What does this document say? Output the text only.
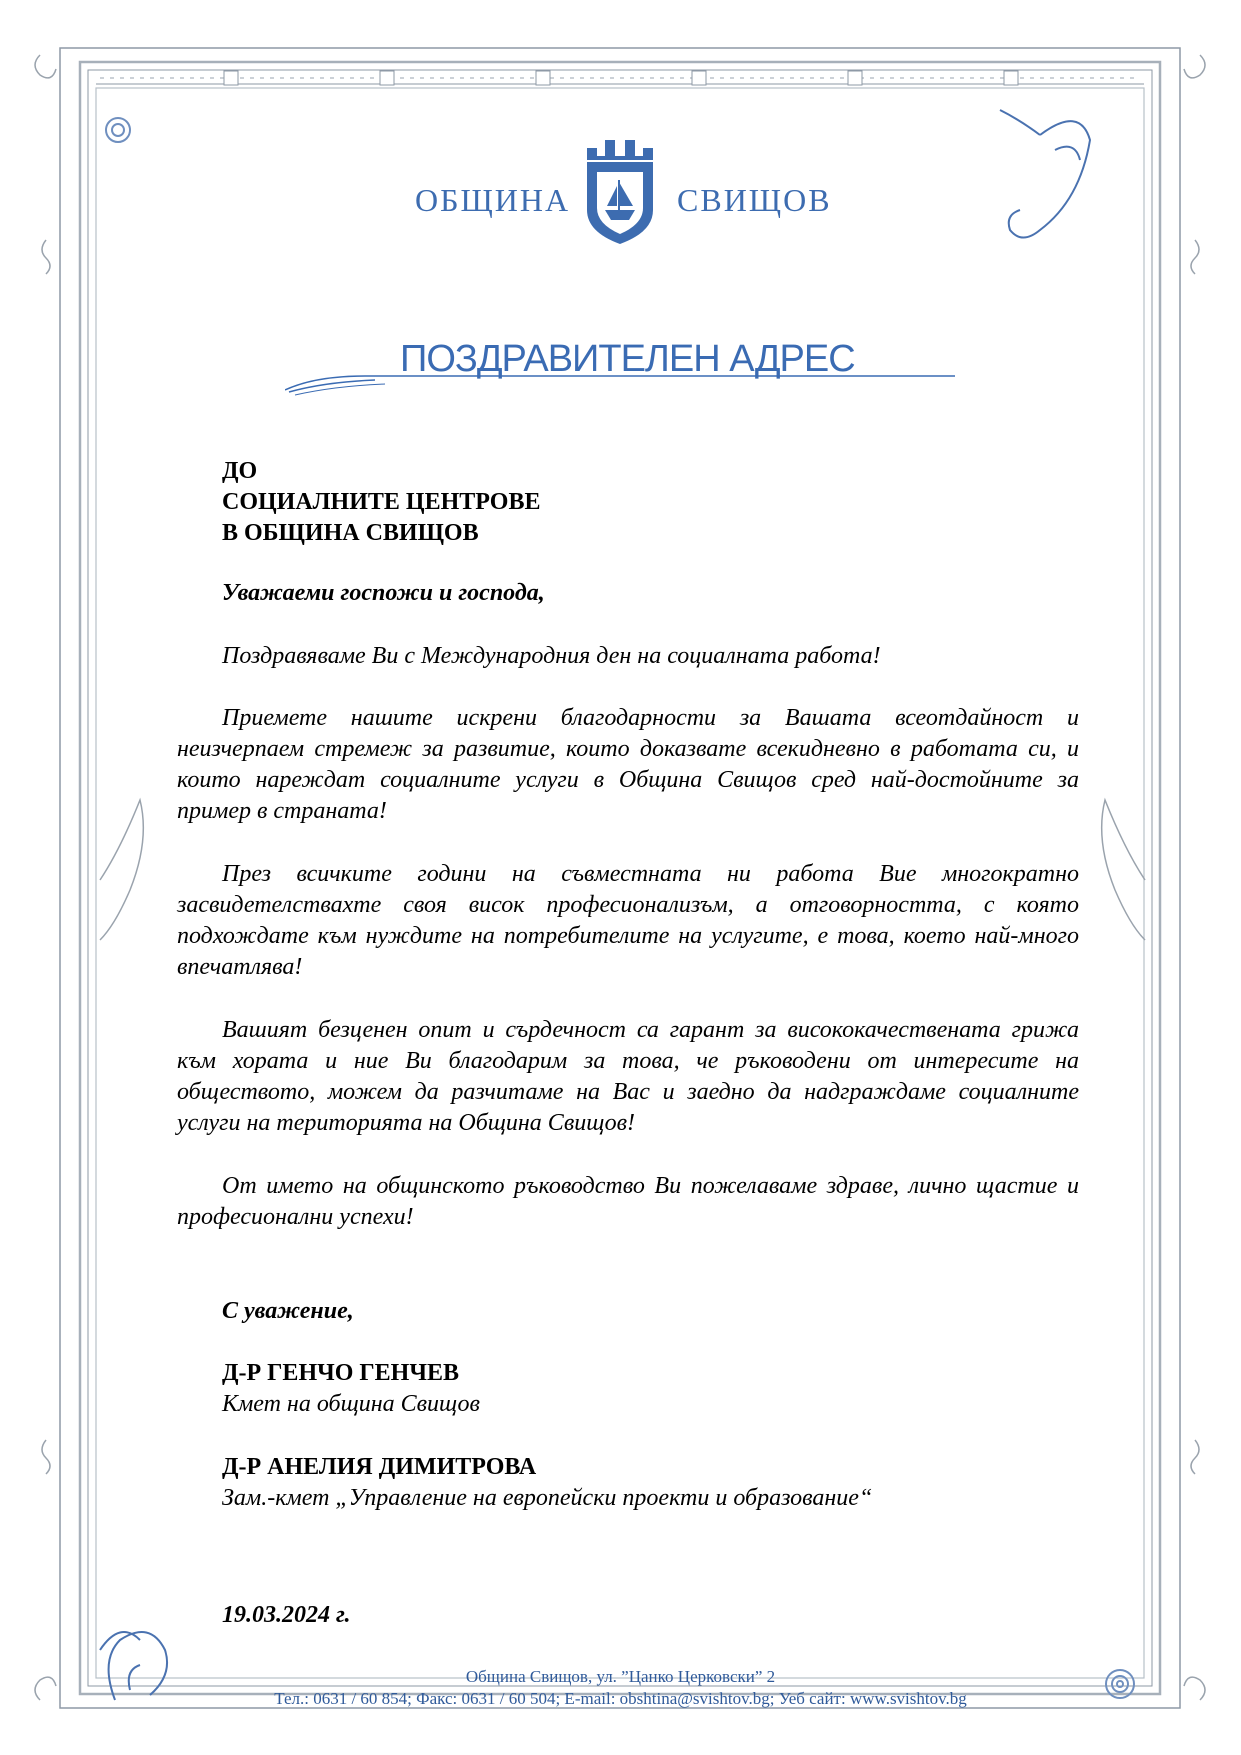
ОБЩИНА	СВИЩОВ
ПОЗДРАВИТЕЛЕН АДРЕС
ДО
СОЦИАЛНИТЕ ЦЕНТРОВЕ
В ОБЩИНА СВИЩОВ
Уважаеми госпожи и господа,

Поздравяваме Ви с Международния ден на социалната работа!

Приемете нашите искрени благодарности за Вашата всеотдайност и неизчерпаем стремеж за развитие, които доказвате всекидневно в работата си, и които нареждат социалните услуги в Община Свищов сред най-достойните за пример в страната!

През всичките години на съвместната ни работа Вие многократно засвидетелствахте своя висок професионализъм, а отговорността, с която подхождате към нуждите на потребителите на услугите, е това, което най-много впечатлява!

Вашият безценен опит и сърдечност са гарант за висококачествената грижа към хората и ние Ви благодарим за това, че ръководени от интересите на обществото, можем да разчитаме на Вас и заедно да надграждаме социалните услуги на територията на Община Свищов!

От името на общинското ръководство Ви пожелаваме здраве, лично щастие и професионални успехи!

С уважение,
Д-Р ГЕНЧО ГЕНЧЕВ
Кмет на община Свищов
Д-Р АНЕЛИЯ ДИМИТРОВА
Зам.-кмет „Управление на европейски проекти и образование“
19.03.2024 г.
Община Свищов, ул. ”Цанко Церковски” 2
Тел.: 0631 / 60 854; Факс: 0631 / 60 504; E-mail: obshtina@svishtov.bg; Уеб сайт: www.svishtov.bg
